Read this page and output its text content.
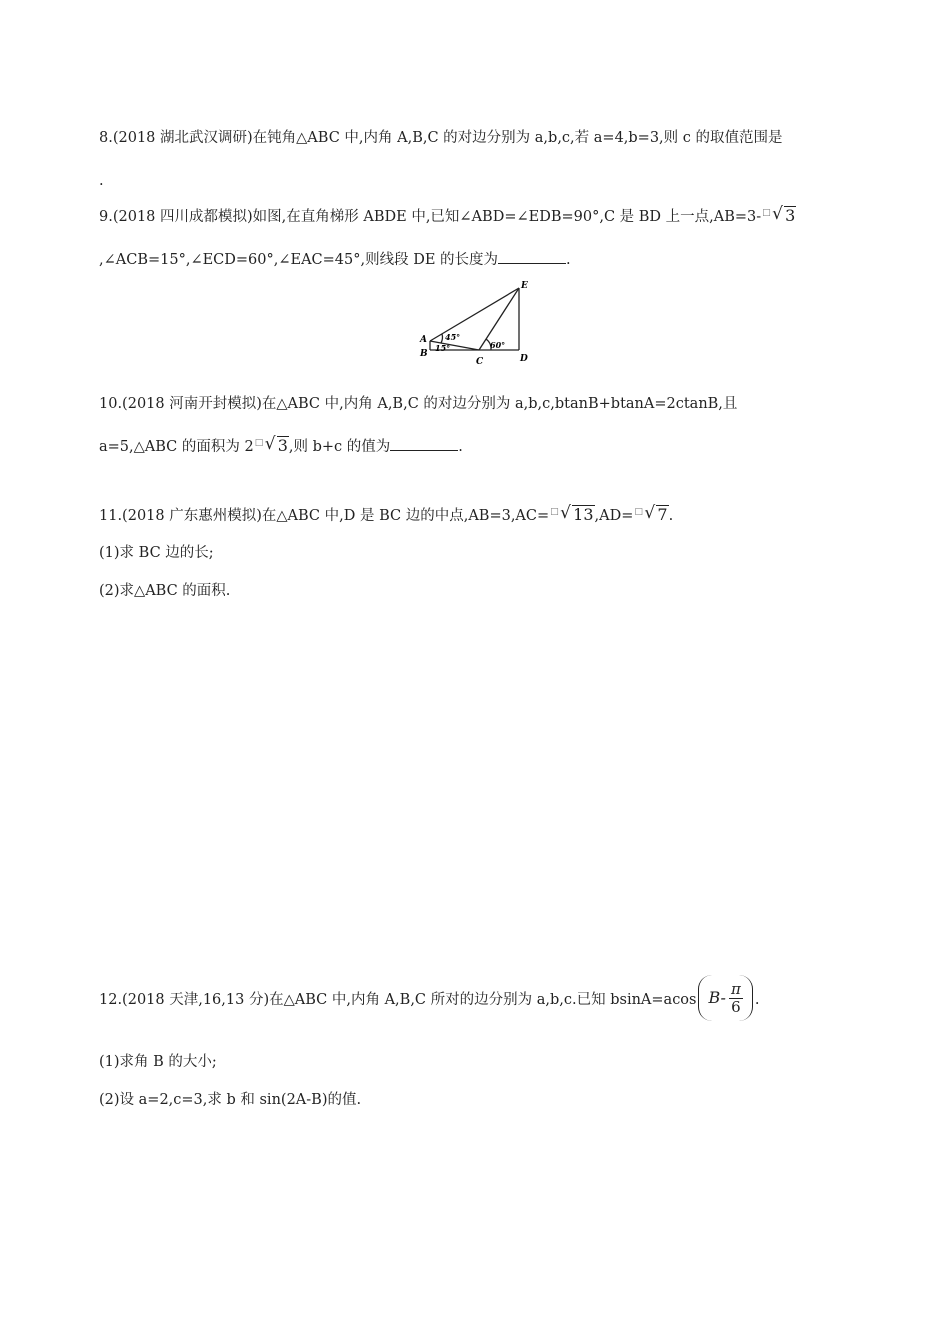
8.(2018 湖北武汉调研)在钝角△ABC 中,内角 A,B,C 的对边分别为 a,b,c,若 a=4,b=3,则 c 的取值范围是
.
9.(2018 四川成都模拟)如图,在直角梯形 ABDE 中,已知∠ABD=∠EDB=90°,C 是 BD 上一点,AB=3- □ √ 3
,∠ACB=15°,∠ECD=60°,∠EAC=45°,则线段 DE 的长度为	.
E
A
B
C	D
45°
15°	60°
10.(2018 河南开封模拟)在△ABC 中,内角 A,B,C 的对边分别为 a,b,c,btanB+btanA=2ctanB,且
a=5,△ABC 的面积为 2 □ √ 3,则 b+c 的值为	.
11.(2018 广东惠州模拟)在△ABC 中,D 是 BC 边的中点,AB=3,AC= □ √ 13,AD= □ √ 7.
(1)求 BC 边的长;
(2)求△ABC 的面积.
12.(2018 天津,16,13 分)在△ABC 中,内角 A,B,C 所对的边分别为 a,b,c.已知 bsinA=acos $B- \frac{\pi}{6}$ .
(1)求角 B 的大小;
(2)设 a=2,c=3,求 b 和 sin(2A-B)的值.
